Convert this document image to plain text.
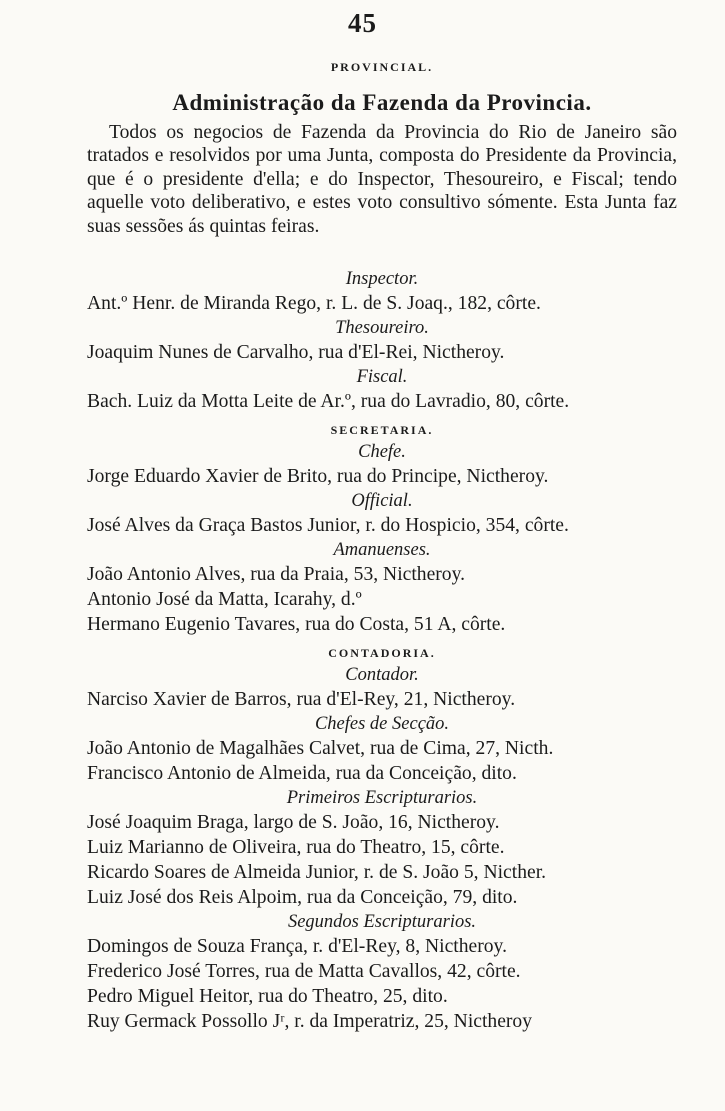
45
PROVINCIAL.
Administração da Fazenda da Provincia.
Todos os negocios de Fazenda da Provincia do Rio de Janeiro são tratados e resolvidos por uma Junta, composta do Presidente da Provincia, que é o presidente d'ella; e do Inspector, Thesoureiro, e Fiscal; tendo aquelle voto deliberativo, e estes voto consultivo sómente. Esta Junta faz suas sessões ás quintas feiras.
Inspector.
Ant.º Henr. de Miranda Rego, r. L. de S. Joaq., 182, côrte.
Thesoureiro.
Joaquim Nunes de Carvalho, rua d'El-Rei, Nictheroy.
Fiscal.
Bach. Luiz da Motta Leite de Ar.º, rua do Lavradio, 80, côrte.
SECRETARIA.
Chefe.
Jorge Eduardo Xavier de Brito, rua do Principe, Nictheroy.
Official.
José Alves da Graça Bastos Junior, r. do Hospicio, 354, côrte.
Amanuenses.
João Antonio Alves, rua da Praia, 53, Nictheroy.
Antonio José da Matta, Icarahy, d.º
Hermano Eugenio Tavares, rua do Costa, 51 A, côrte.
CONTADORIA.
Contador.
Narciso Xavier de Barros, rua d'El-Rey, 21, Nictheroy.
Chefes de Secção.
João Antonio de Magalhães Calvet, rua de Cima, 27, Nicth.
Francisco Antonio de Almeida, rua da Conceição, dito.
Primeiros Escripturarios.
José Joaquim Braga, largo de S. João, 16, Nictheroy.
Luiz Marianno de Oliveira, rua do Theatro, 15, côrte.
Ricardo Soares de Almeida Junior, r. de S. João 5, Nicther.
Luiz José dos Reis Alpoim, rua da Conceição, 79, dito.
Segundos Escripturarios.
Domingos de Souza França, r. d'El-Rey, 8, Nictheroy.
Frederico José Torres, rua de Matta Cavallos, 42, côrte.
Pedro Miguel Heitor, rua do Theatro, 25, dito.
Ruy Germack Possollo Jʳ, r. da Imperatriz, 25, Nictheroy
